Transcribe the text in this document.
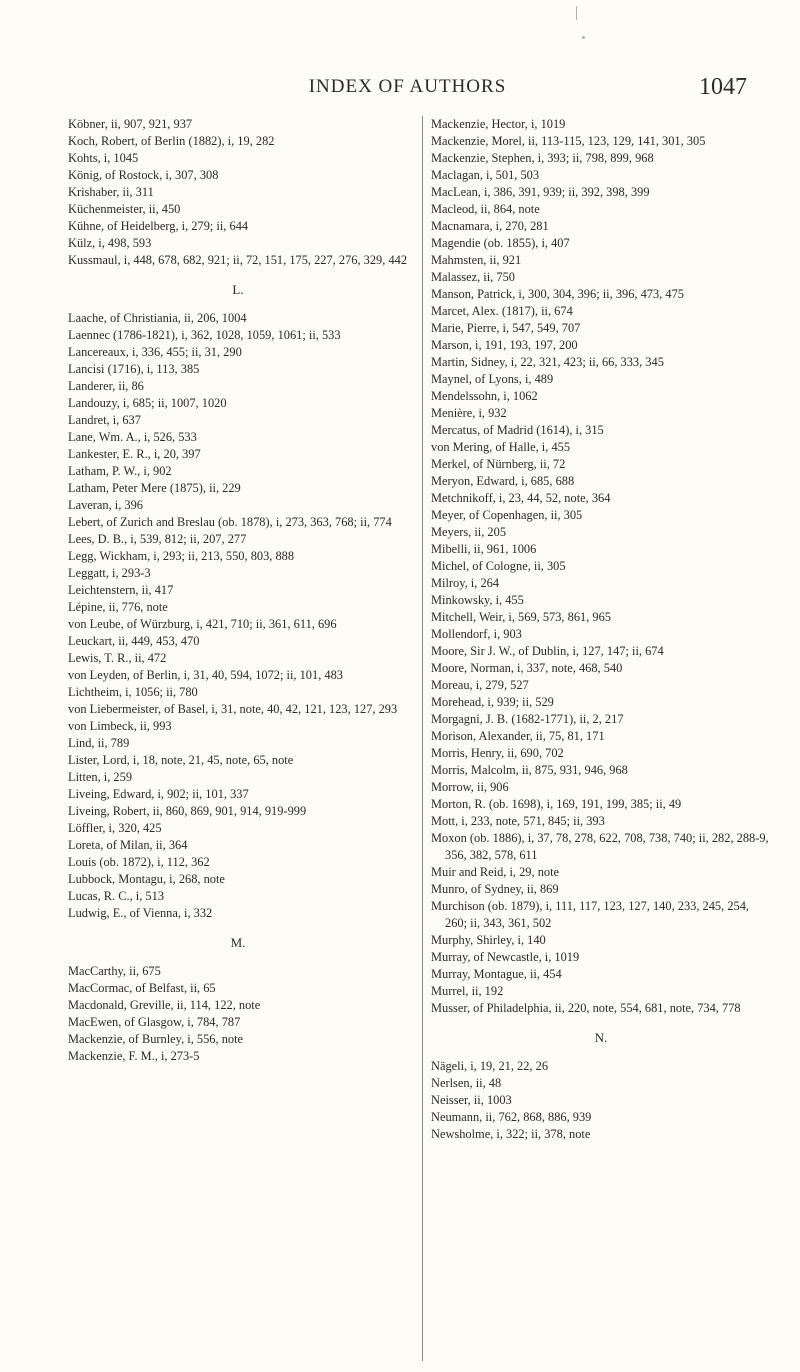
INDEX OF AUTHORS	1047
Köbner, ii, 907, 921, 937
Koch, Robert, of Berlin (1882), i, 19, 282
Kohts, i, 1045
König, of Rostock, i, 307, 308
Krishaber, ii, 311
Küchenmeister, ii, 450
Kühne, of Heidelberg, i, 279; ii, 644
Külz, i, 498, 593
Kussmaul, i, 448, 678, 682, 921; ii, 72, 151, 175, 227, 276, 329, 442
L.
Laache, of Christiania, ii, 206, 1004
Laennec (1786-1821), i, 362, 1028, 1059, 1061; ii, 533
Lancereaux, i, 336, 455; ii, 31, 290
Lancisi (1716), i, 113, 385
Landerer, ii, 86
Landouzy, i, 685; ii, 1007, 1020
Landret, i, 637
Lane, Wm. A., i, 526, 533
Lankester, E. R., i, 20, 397
Latham, P. W., i, 902
Latham, Peter Mere (1875), ii, 229
Laveran, i, 396
Lebert, of Zurich and Breslau (ob. 1878), i, 273, 363, 768; ii, 774
Lees, D. B., i, 539, 812; ii, 207, 277
Legg, Wickham, i, 293; ii, 213, 550, 803, 888
Leggatt, i, 293-3
Leichtenstern, ii, 417
Lépine, ii, 776, note
von Leube, of Würzburg, i, 421, 710; ii, 361, 611, 696
Leuckart, ii, 449, 453, 470
Lewis, T. R., ii, 472
von Leyden, of Berlin, i, 31, 40, 594, 1072; ii, 101, 483
Lichtheim, i, 1056; ii, 780
von Liebermeister, of Basel, i, 31, note, 40, 42, 121, 123, 127, 293
von Limbeck, ii, 993
Lind, ii, 789
Lister, Lord, i, 18, note, 21, 45, note, 65, note
Litten, i, 259
Liveing, Edward, i, 902; ii, 101, 337
Liveing, Robert, ii, 860, 869, 901, 914, 919-999
Löffler, i, 320, 425
Loreta, of Milan, ii, 364
Louis (ob. 1872), i, 112, 362
Lubbock, Montagu, i, 268, note
Lucas, R. C., i, 513
Ludwig, E., of Vienna, i, 332
M.
MacCarthy, ii, 675
MacCormac, of Belfast, ii, 65
Macdonald, Greville, ii, 114, 122, note
MacEwen, of Glasgow, i, 784, 787
Mackenzie, of Burnley, i, 556, note
Mackenzie, F. M., i, 273-5
Mackenzie, Hector, i, 1019
Mackenzie, Morel, ii, 113-115, 123, 129, 141, 301, 305
Mackenzie, Stephen, i, 393; ii, 798, 899, 968
Maclagan, i, 501, 503
MacLean, i, 386, 391, 939; ii, 392, 398, 399
Macleod, ii, 864, note
Macnamara, i, 270, 281
Magendie (ob. 1855), i, 407
Mahmsten, ii, 921
Malassez, ii, 750
Manson, Patrick, i, 300, 304, 396; ii, 396, 473, 475
Marcet, Alex. (1817), ii, 674
Marie, Pierre, i, 547, 549, 707
Marson, i, 191, 193, 197, 200
Martin, Sidney, i, 22, 321, 423; ii, 66, 333, 345
Maynel, of Lyons, i, 489
Mendelssohn, i, 1062
Menière, i, 932
Mercatus, of Madrid (1614), i, 315
von Mering, of Halle, i, 455
Merkel, of Nürnberg, ii, 72
Meryon, Edward, i, 685, 688
Metchnikoff, i, 23, 44, 52, note, 364
Meyer, of Copenhagen, ii, 305
Meyers, ii, 205
Mibelli, ii, 961, 1006
Michel, of Cologne, ii, 305
Milroy, i, 264
Minkowsky, i, 455
Mitchell, Weir, i, 569, 573, 861, 965
Mollendorf, i, 903
Moore, Sir J. W., of Dublin, i, 127, 147; ii, 674
Moore, Norman, i, 337, note, 468, 540
Moreau, i, 279, 527
Morehead, i, 939; ii, 529
Morgagni, J. B. (1682-1771), ii, 2, 217
Morison, Alexander, ii, 75, 81, 171
Morris, Henry, ii, 690, 702
Morris, Malcolm, ii, 875, 931, 946, 968
Morrow, ii, 906
Morton, R. (ob. 1698), i, 169, 191, 199, 385; ii, 49
Mott, i, 233, note, 571, 845; ii, 393
Moxon (ob. 1886), i, 37, 78, 278, 622, 708, 738, 740; ii, 282, 288-9, 356, 382, 578, 611
Muir and Reid, i, 29, note
Munro, of Sydney, ii, 869
Murchison (ob. 1879), i, 111, 117, 123, 127, 140, 233, 245, 254, 260; ii, 343, 361, 502
Murphy, Shirley, i, 140
Murray, of Newcastle, i, 1019
Murray, Montague, ii, 454
Murrel, ii, 192
Musser, of Philadelphia, ii, 220, note, 554, 681, note, 734, 778
N.
Nägeli, i, 19, 21, 22, 26
Nerlsen, ii, 48
Neisser, ii, 1003
Neumann, ii, 762, 868, 886, 939
Newsholme, i, 322; ii, 378, note
